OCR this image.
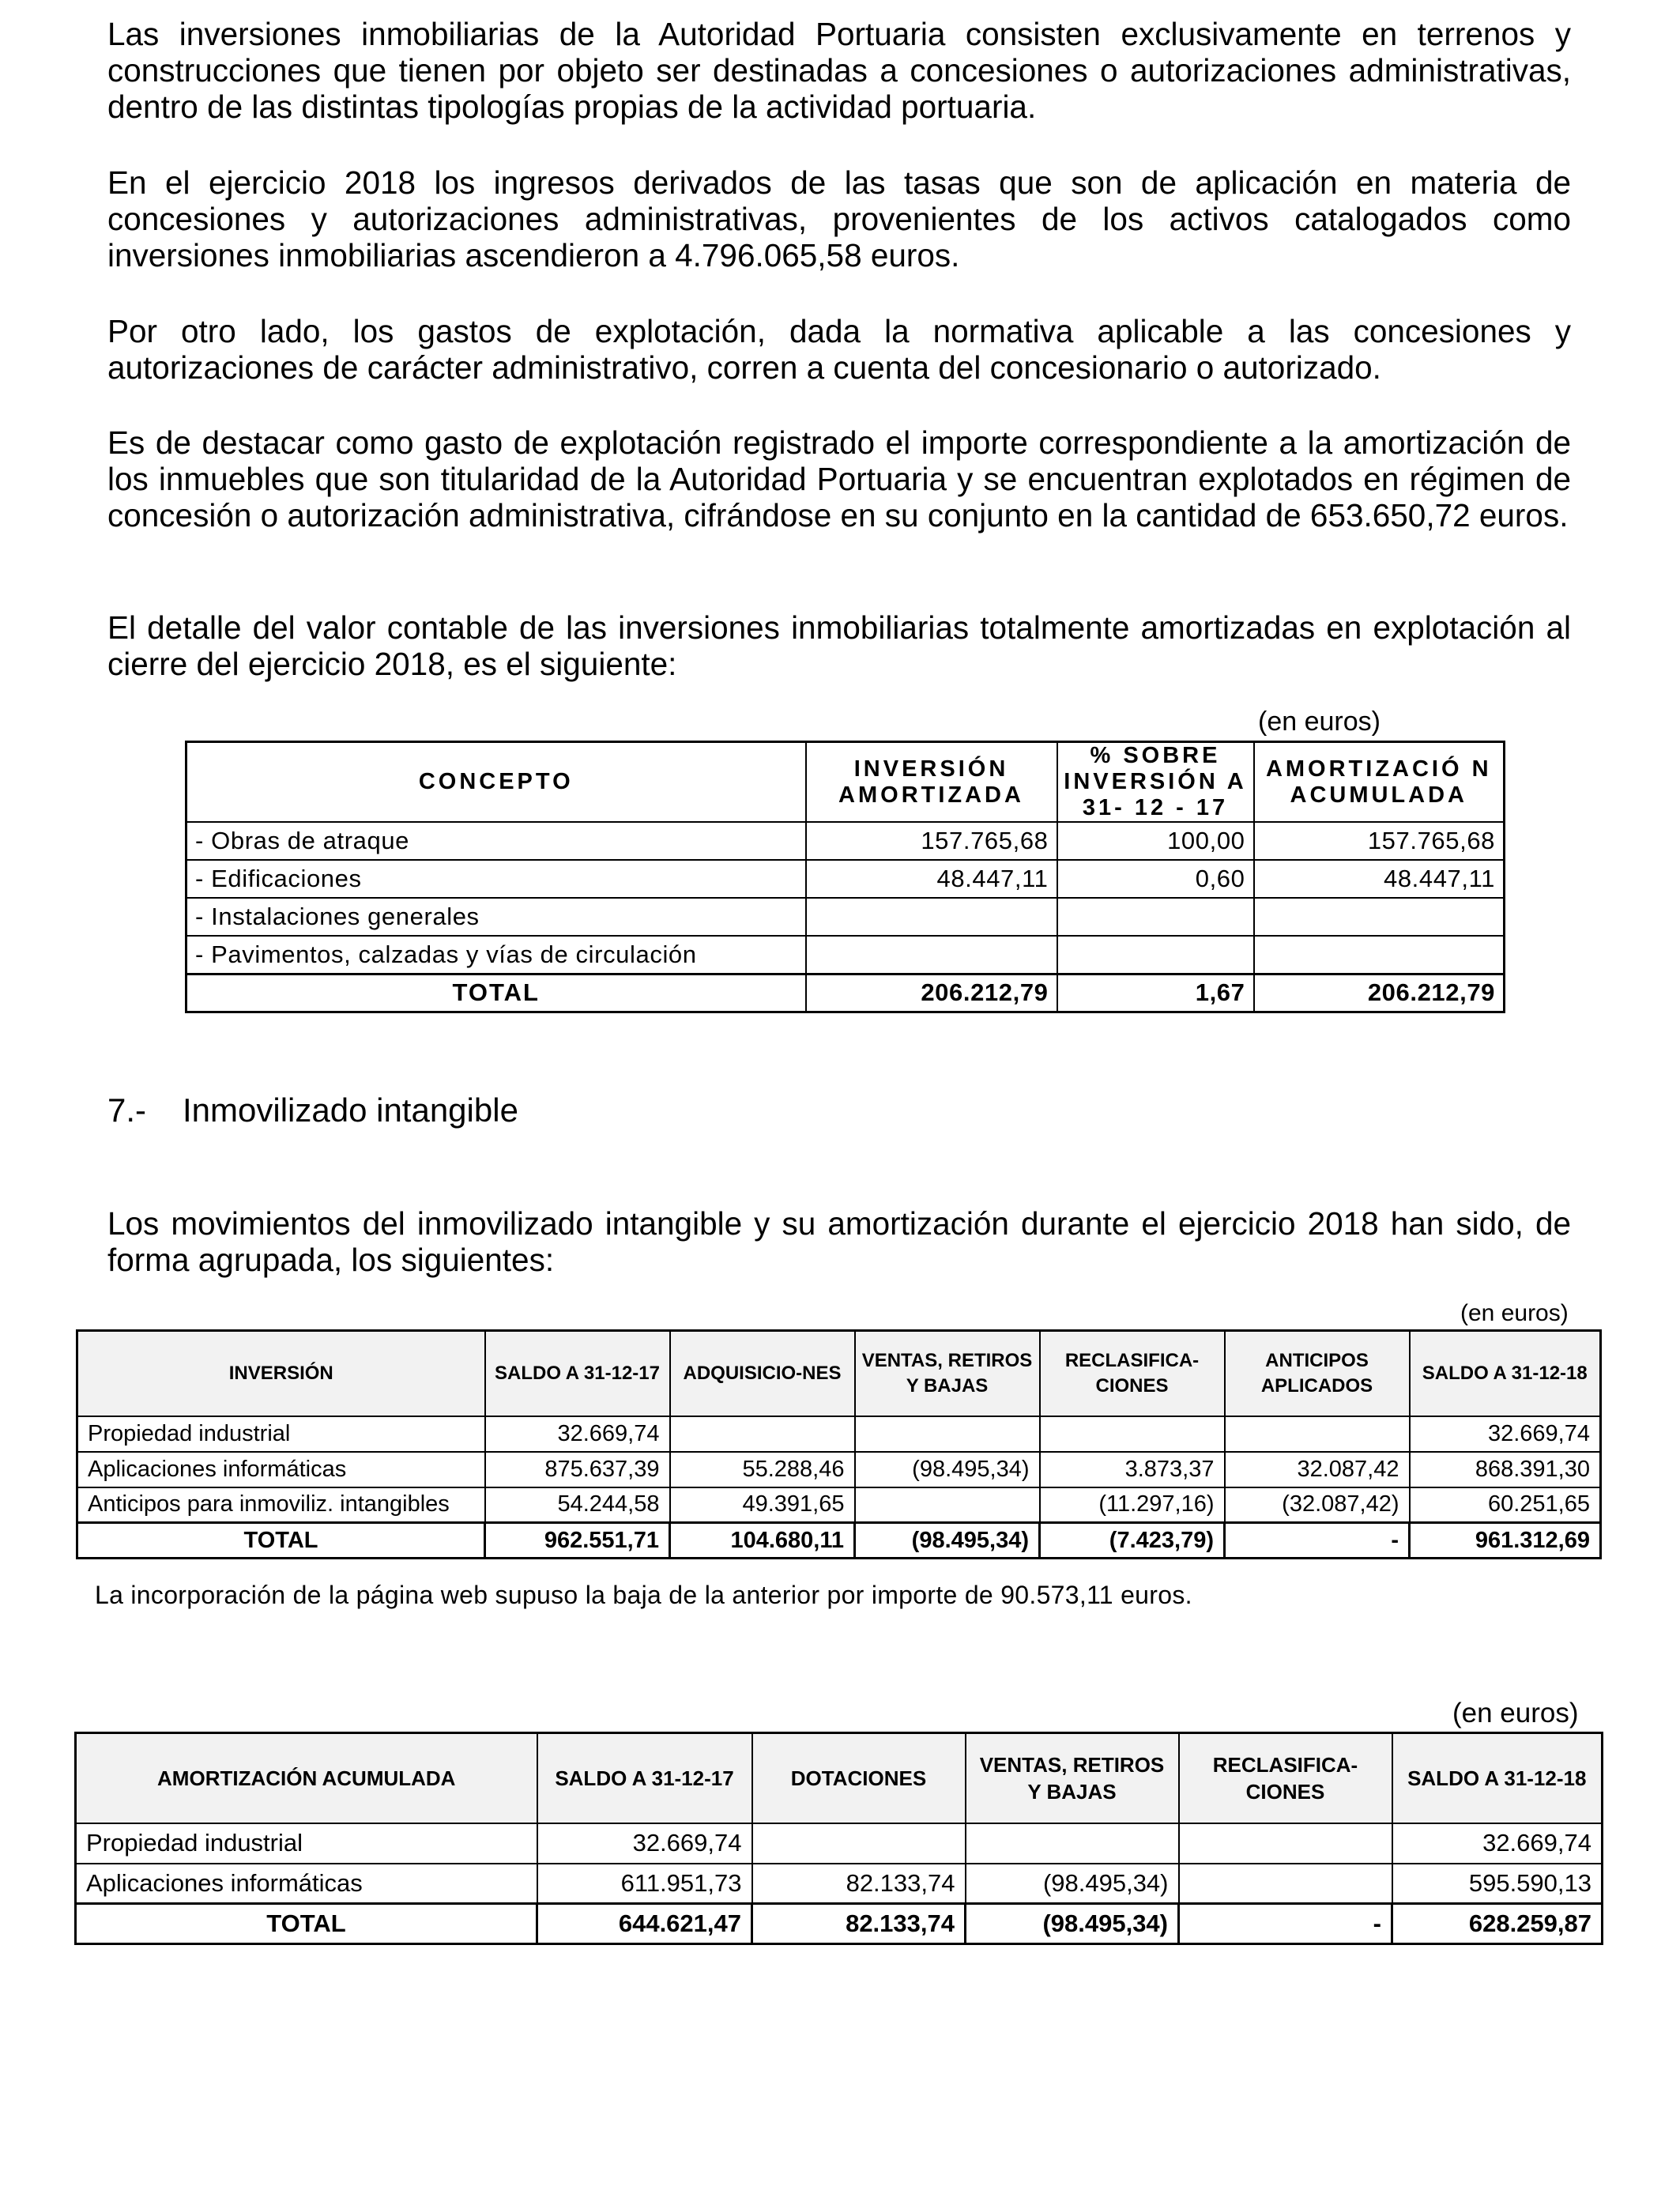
Las inversiones inmobiliarias de la Autoridad Portuaria consisten exclusivamente en terrenos y construcciones que tienen por objeto ser destinadas a concesiones o autorizaciones administrativas, dentro de las distintas tipologías propias de la actividad portuaria.

En el ejercicio 2018 los ingresos derivados de las tasas que son de aplicación en materia de concesiones y autorizaciones administrativas, provenientes de los activos catalogados como inversiones inmobiliarias ascendieron a 4.796.065,58 euros.

Por otro lado, los gastos de explotación, dada la normativa aplicable a las concesiones y autorizaciones de carácter administrativo, corren a cuenta del concesionario o autorizado.

Es de destacar como gasto de explotación registrado el importe correspondiente a la amortización de los inmuebles que son titularidad de la Autoridad Portuaria y se encuentran explotados en régimen de concesión o autorización administrativa, cifrándose en su conjunto en la cantidad de 653.650,72 euros.

El detalle del valor contable de las inversiones inmobiliarias totalmente amortizadas en explotación al cierre del ejercicio 2018, es el siguiente:

(en euros)
CONCEPTO	INVERSIÓN AMORTIZADA	% SOBRE INVERSIÓN A 31- 12 - 17	AMORTIZACIÓ N ACUMULADA
- Obras de atraque	157.765,68	100,00	157.765,68
- Edificaciones	48.447,11	0,60	48.447,11
- Instalaciones generales			
- Pavimentos, calzadas y vías de circulación			
TOTAL	206.212,79	1,67	206.212,79
7.- Inmovilizado intangible

Los movimientos del inmovilizado intangible y su amortización durante el ejercicio 2018 han sido, de forma agrupada, los siguientes:

(en euros)
INVERSIÓN	SALDO A 31-12-17	ADQUISICIO-NES	VENTAS, RETIROS Y BAJAS	RECLASIFICA-CIONES	ANTICIPOS APLICADOS	SALDO A 31-12-18
Propiedad industrial	32.669,74					32.669,74
Aplicaciones informáticas	875.637,39	55.288,46	(98.495,34)	3.873,37	32.087,42	868.391,30
Anticipos para inmoviliz. intangibles	54.244,58	49.391,65		(11.297,16)	(32.087,42)	60.251,65
TOTAL	962.551,71	104.680,11	(98.495,34)	(7.423,79)	-	961.312,69
La incorporación de la página web supuso la baja de la anterior por importe de 90.573,11 euros.
(en euros)
AMORTIZACIÓN ACUMULADA	SALDO A 31-12-17	DOTACIONES	VENTAS, RETIROS Y BAJAS	RECLASIFICA-CIONES	SALDO A 31-12-18
Propiedad industrial	32.669,74				32.669,74
Aplicaciones informáticas	611.951,73	82.133,74	(98.495,34)		595.590,13
TOTAL	644.621,47	82.133,74	(98.495,34)	-	628.259,87
